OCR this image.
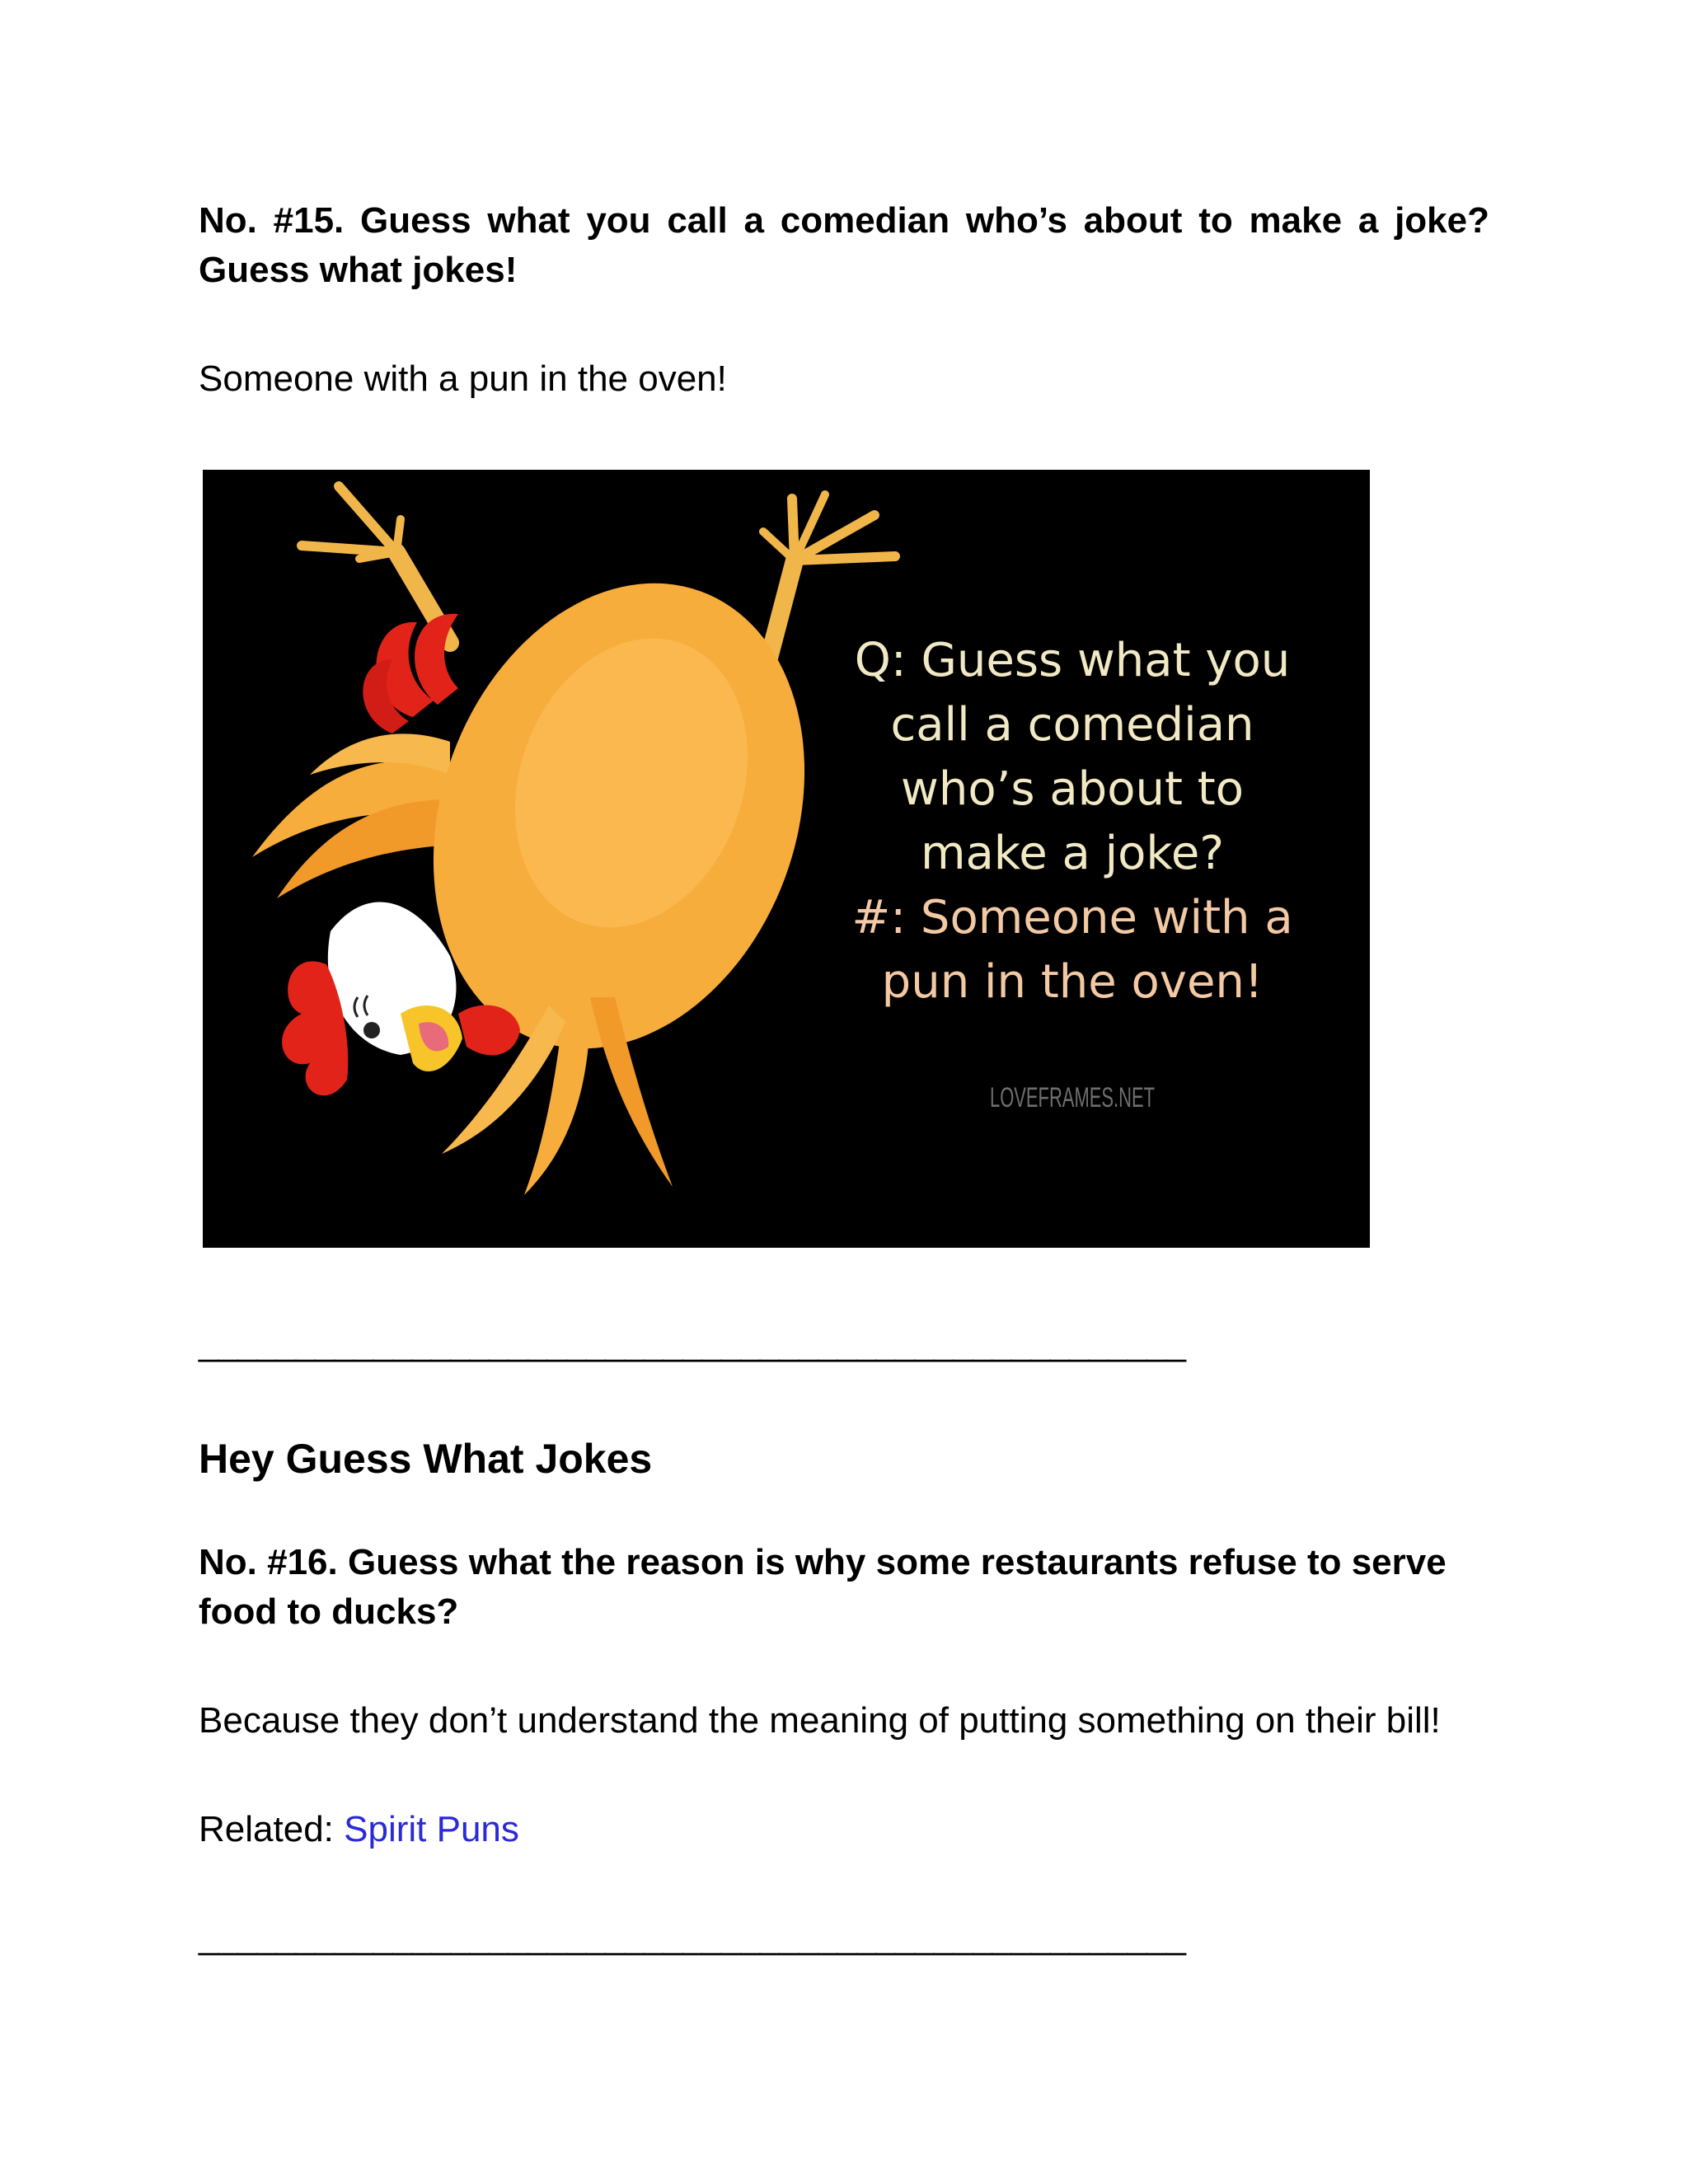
No. #15. Guess what you call a comedian who’s about to make a joke? Guess what jokes!

Someone with a pun in the oven!

Q: Guess what you
call a comedian
who’s about to
make a joke?
#: Someone with a
pun in the oven!
LOVEFRAMES.NET

___________________________________________________

Hey Guess What Jokes

No. #16. Guess what the reason is why some restaurants refuse to serve food to ducks?

Because they don’t understand the meaning of putting something on their bill!

Related: Spirit Puns

___________________________________________________
